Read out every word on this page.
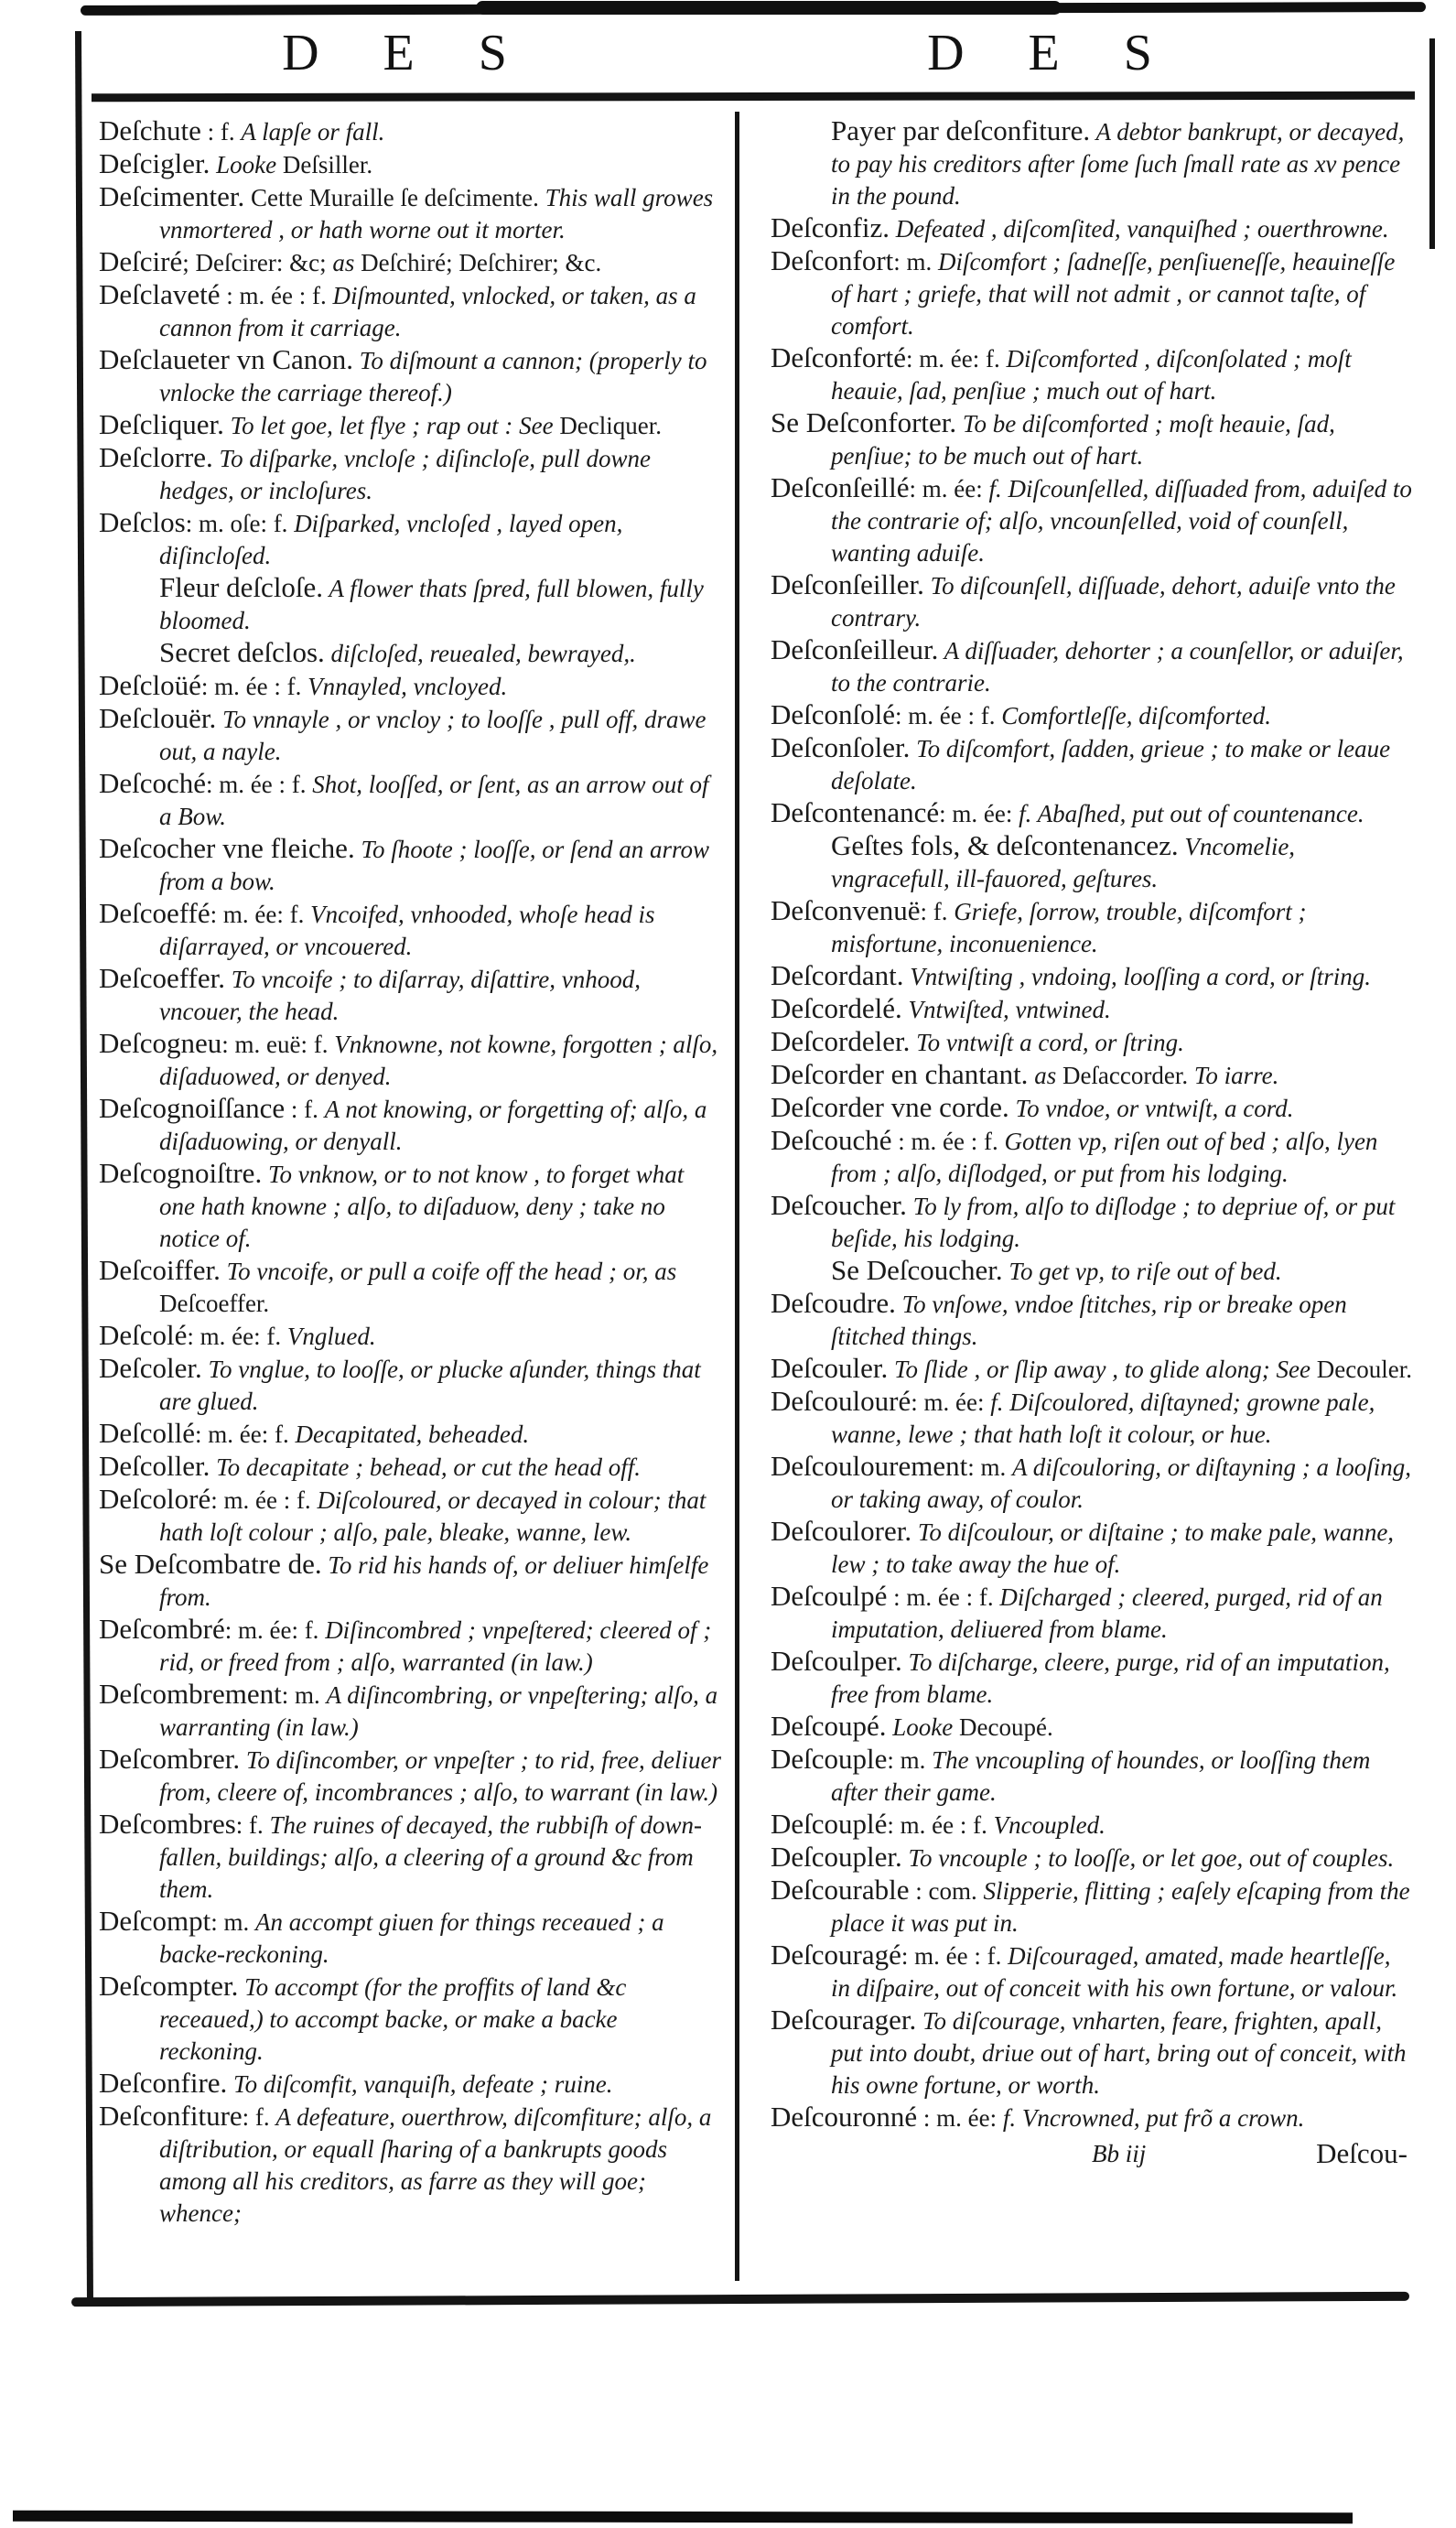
D E S	D E S

Deſchute : f. A lapſe or fall.

Deſcigler. Looke Deſsiller.

Deſcimenter. Cette Muraille ſe deſcimente. This wall growes vnmortered , or hath worne out it morter.

Deſciré; Deſcirer: &c; as Deſchiré; Deſchirer; &c.

Deſclaveté : m. ée : f. Diſmounted, vnlocked, or taken, as a cannon from it carriage.

Deſclaueter vn Canon. To diſmount a cannon; (properly to vnlocke the carriage thereof.)

Deſcliquer. To let goe, let flye ; rap out : See Decliquer.

Deſclorre. To diſparke, vncloſe ; diſincloſe, pull downe hedges, or incloſures.

Deſclos: m. oſe: f. Diſparked, vncloſed , layed open, diſincloſed.

Fleur deſcloſe. A flower thats ſpred, full blowen, fully bloomed.

Secret deſclos. diſcloſed, reuealed, bewrayed,.

Deſcloüé: m. ée : f. Vnnayled, vncloyed.

Deſclouër. To vnnayle , or vncloy ; to looſſe , pull off, drawe out, a nayle.

Deſcoché: m. ée : f. Shot, looſſed, or ſent, as an arrow out of a Bow.

Deſcocher vne fleiche. To ſhoote ; looſſe, or ſend an arrow from a bow.

Deſcoeffé: m. ée: f. Vncoifed, vnhooded, whoſe head is diſarrayed, or vncouered.

Deſcoeffer. To vncoife ; to diſarray, diſattire, vnhood, vncouer, the head.

Deſcogneu: m. euë: f. Vnknowne, not kowne, forgotten ; alſo, diſaduowed, or denyed.

Deſcognoiſſance : f. A not knowing, or forgetting of; alſo, a diſaduowing, or denyall.

Deſcognoiſtre. To vnknow, or to not know , to forget what one hath knowne ; alſo, to diſaduow, deny ; take no notice of.

Deſcoiffer. To vncoife, or pull a coife off the head ; or, as Deſcoeffer.

Deſcolé: m. ée: f. Vnglued.

Deſcoler. To vnglue, to looſſe, or plucke aſunder, things that are glued.

Deſcollé: m. ée: f. Decapitated, beheaded.

Deſcoller. To decapitate ; behead, or cut the head off.

Deſcoloré: m. ée : f. Diſcoloured, or decayed in colour; that hath loſt colour ; alſo, pale, bleake, wanne, lew.

Se Deſcombatre de. To rid his hands of, or deliuer himſelfe from.

Deſcombré: m. ée: f. Diſincombred ; vnpeſtered; cleered of ; rid, or freed from ; alſo, warranted (in law.)

Deſcombrement: m. A diſincombring, or vnpeſtering; alſo, a warranting (in law.)

Deſcombrer. To diſincomber, or vnpeſter ; to rid, free, deliuer from, cleere of, incombrances ; alſo, to warrant (in law.)

Deſcombres: f. The ruines of decayed, the rubbiſh of down-fallen, buildings; alſo, a cleering of a ground &c from them.

Deſcompt: m. An accompt giuen for things receaued ; a backe-reckoning.

Deſcompter. To accompt (for the proffits of land &c receaued,) to accompt backe, or make a backe reckoning.

Deſconfire. To diſcomfit, vanquiſh, defeate ; ruine.

Deſconfiture: f. A defeature, ouerthrow, diſcomfiture; alſo, a diſtribution, or equall ſharing of a bankrupts goods among all his creditors, as farre as they will goe; whence;

Payer par deſconfiture. A debtor bankrupt, or decayed, to pay his creditors after ſome ſuch ſmall rate as xv pence in the pound.

Deſconfiz. Defeated , diſcomſited, vanquiſhed ; ouerthrowne.

Deſconfort: m. Diſcomfort ; ſadneſſe, penſiueneſſe, heauineſſe of hart ; griefe, that will not admit , or cannot taſte, of comfort.

Deſconforté: m. ée: f. Diſcomforted , diſconſolated ; moſt heauie, ſad, penſiue ; much out of hart.

Se Deſconforter. To be diſcomforted ; moſt heauie, ſad, penſiue; to be much out of hart.

Deſconſeillé: m. ée: f. Diſcounſelled, diſſuaded from, aduiſed to the contrarie of; alſo, vncounſelled, void of counſell, wanting aduiſe.

Deſconſeiller. To diſcounſell, diſſuade, dehort, aduiſe vnto the contrary.

Deſconſeilleur. A diſſuader, dehorter ; a counſellor, or aduiſer, to the contrarie.

Deſconſolé: m. ée : f. Comfortleſſe, diſcomforted.

Deſconſoler. To diſcomfort, ſadden, grieue ; to make or leaue deſolate.

Deſcontenancé: m. ée: f. Abaſhed, put out of countenance.

Geſtes fols, & deſcontenancez. Vncomelie, vngracefull, ill-fauored, geſtures.

Deſconvenuë: f. Griefe, ſorrow, trouble, diſcomfort ; misfortune, inconuenience.

Deſcordant. Vntwiſting , vndoing, looſſing a cord, or ſtring.

Deſcordelé. Vntwiſted, vntwined.

Deſcordeler. To vntwiſt a cord, or ſtring.

Deſcorder en chantant. as Deſaccorder. To iarre.

Deſcorder vne corde. To vndoe, or vntwiſt, a cord.

Deſcouché : m. ée : f. Gotten vp, riſen out of bed ; alſo, lyen from ; alſo, diſlodged, or put from his lodging.

Deſcoucher. To ly from, alſo to diſlodge ; to depriue of, or put beſide, his lodging.

Se Deſcoucher. To get vp, to riſe out of bed.

Deſcoudre. To vnſowe, vndoe ſtitches, rip or breake open ſtitched things.

Deſcouler. To ſlide , or ſlip away , to glide along; See Decouler.

Deſcoulouré: m. ée: f. Diſcoulored, diſtayned; growne pale, wanne, lewe ; that hath loſt it colour, or hue.

Deſcoulourement: m. A diſcouloring, or diſtayning ; a looſing, or taking away, of coulor.

Deſcoulorer. To diſcoulour, or diſtaine ; to make pale, wanne, lew ; to take away the hue of.

Deſcoulpé : m. ée : f. Diſcharged ; cleered, purged, rid of an imputation, deliuered from blame.

Deſcoulper. To diſcharge, cleere, purge, rid of an imputation, free from blame.

Deſcoupé. Looke Decoupé.

Deſcouple: m. The vncoupling of houndes, or looſſing them after their game.

Deſcouplé: m. ée : f. Vncoupled.

Deſcoupler. To vncouple ; to looſſe, or let goe, out of couples.

Deſcourable : com. Slipperie, flitting ; eaſely eſcaping from the place it was put in.

Deſcouragé: m. ée : f. Diſcouraged, amated, made heartleſſe, in diſpaire, out of conceit with his own fortune, or valour.

Deſcourager. To diſcourage, vnharten, feare, frighten, apall, put into doubt, driue out of hart, bring out of conceit, with his owne fortune, or worth.

Deſcouronné : m. ée: f. Vncrowned, put frõ a crown.

Bb iij	Deſcou-
